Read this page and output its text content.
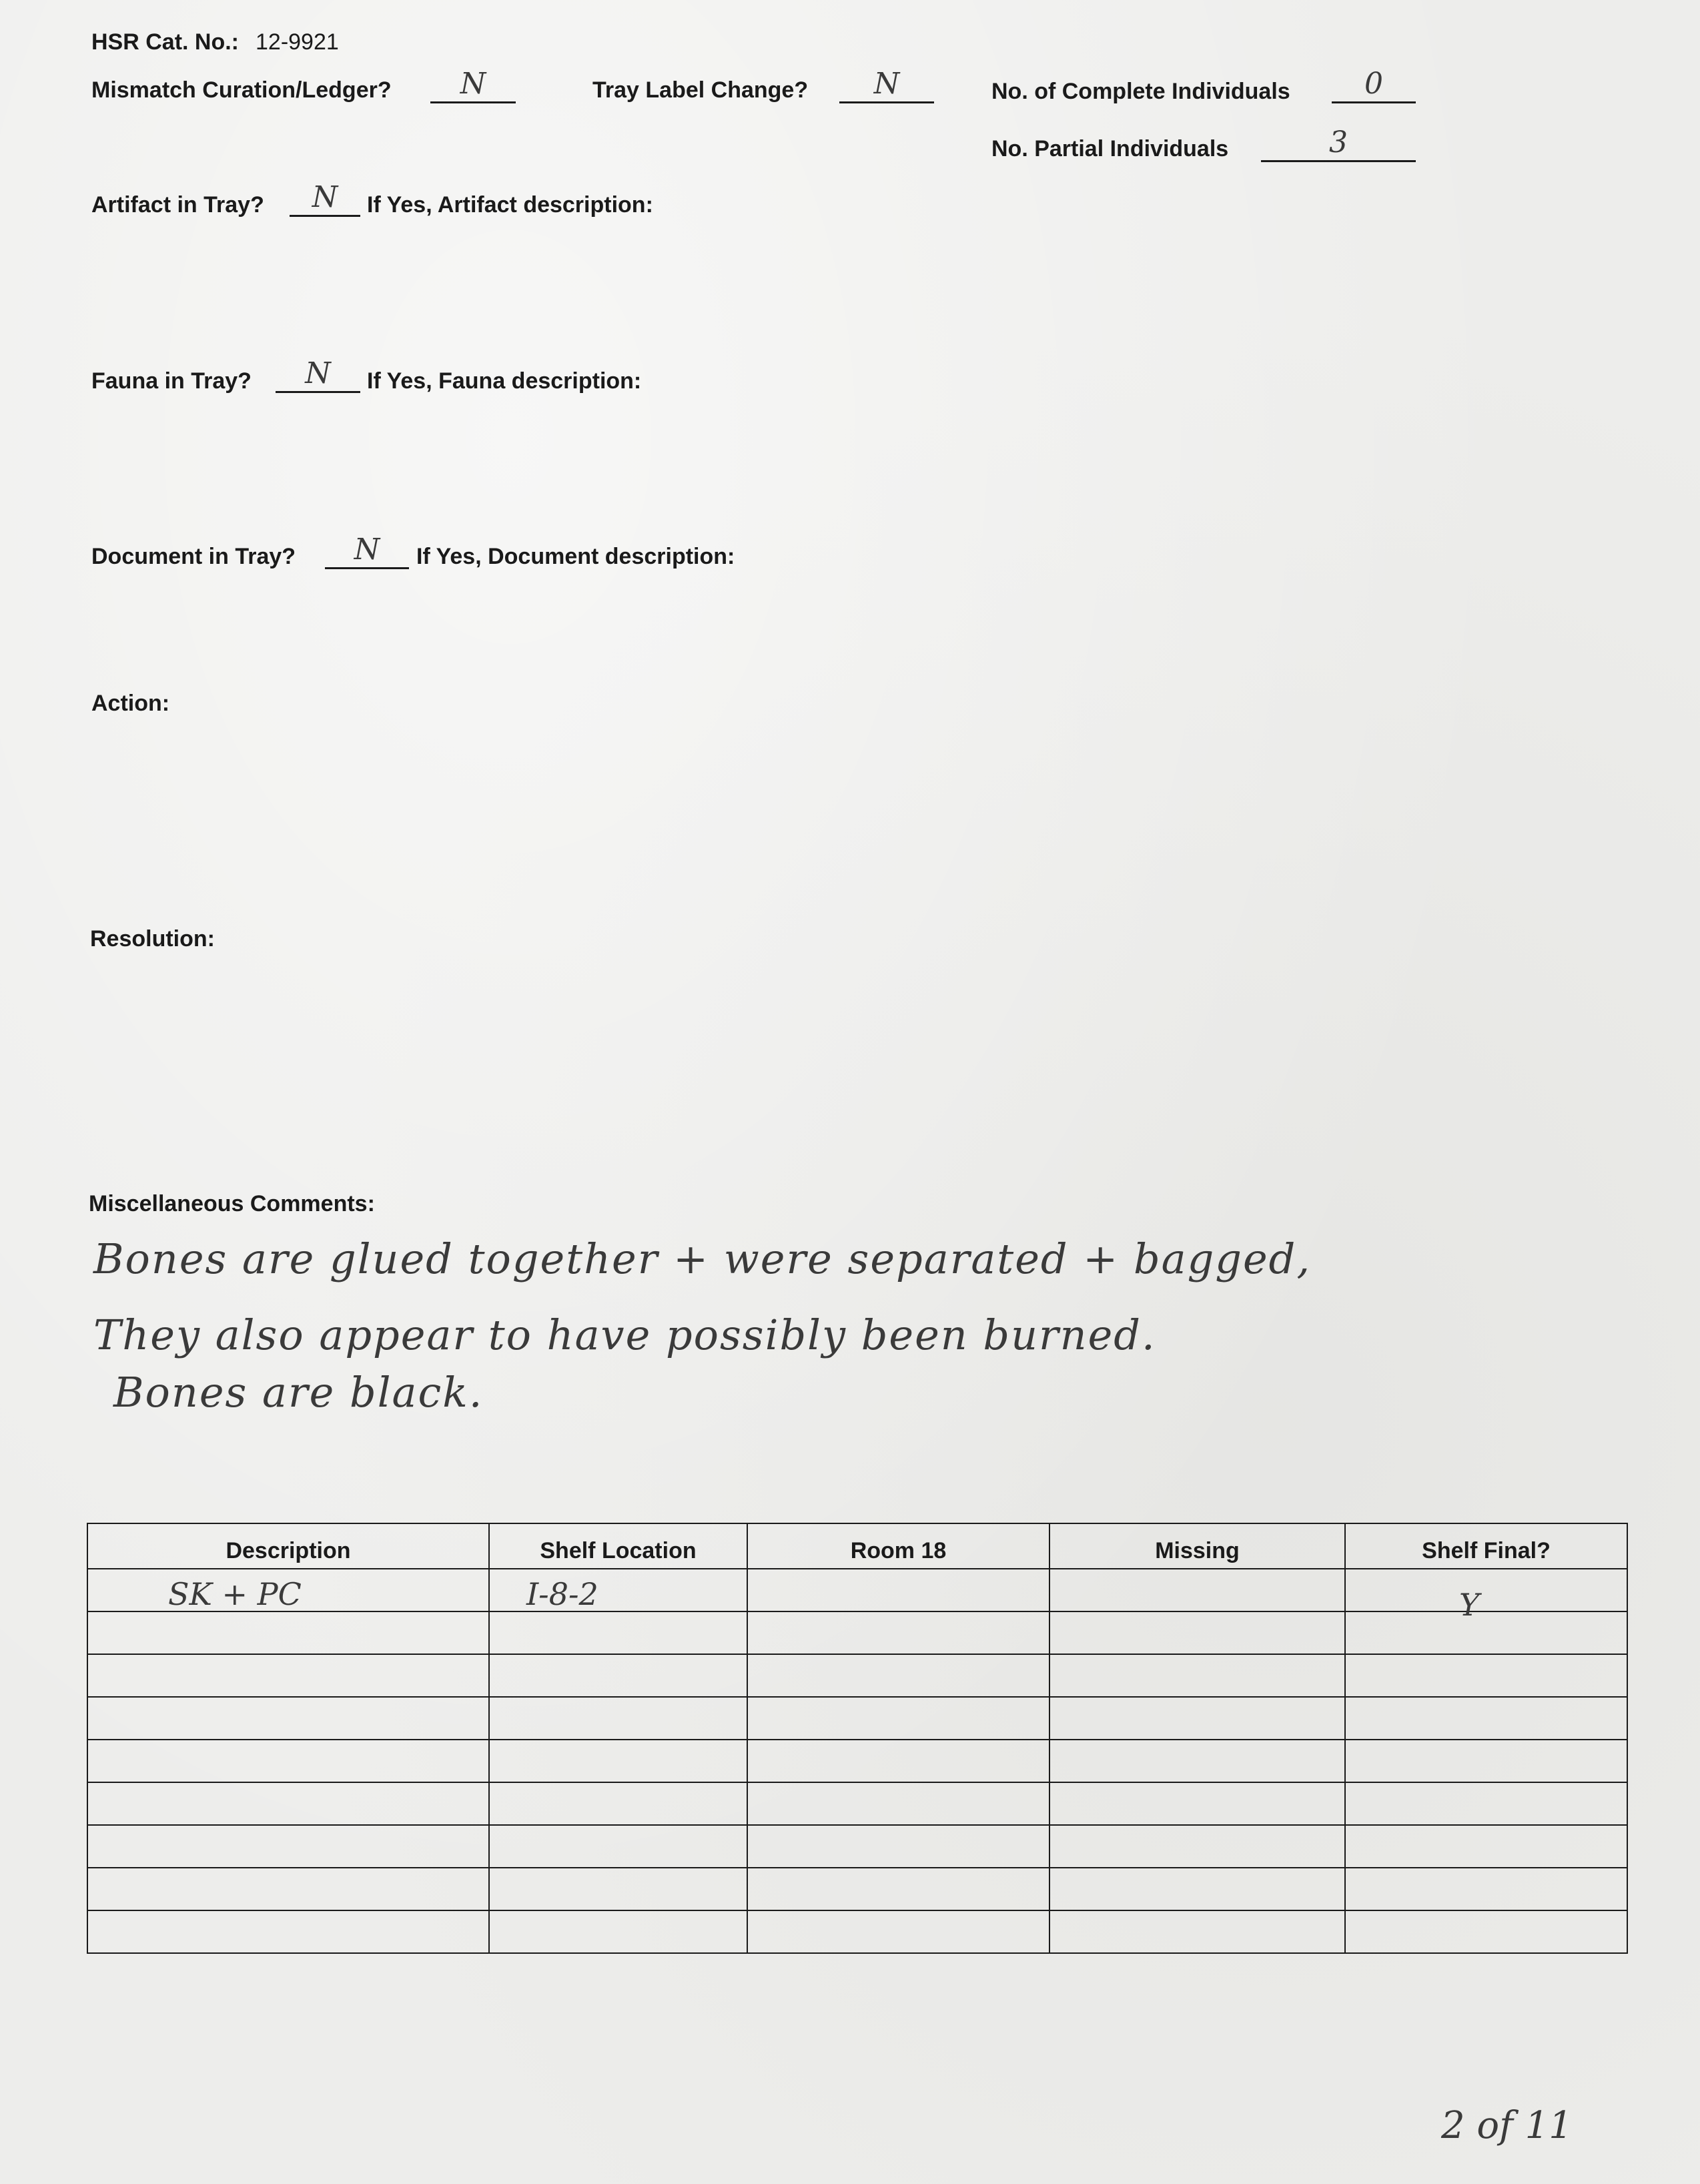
HSR Cat. No.: 12-9921
Mismatch Curation/Ledger?	N	Tray Label Change?	N	No. of Complete Individuals	0
No. Partial Individuals	3
Artifact in Tray?	N	If Yes, Artifact description:
Fauna in Tray?	N	If Yes, Fauna description:
Document in Tray?	N	If Yes, Document description:
Action:
Resolution:
Miscellaneous Comments:
Bones are glued together + were separated + bagged,
They also appear to have possibly been burned.
Bones are black.
Description	Shelf Location	Room 18	Missing	Shelf Final?

SK + PC	I-8-2			Y

2 of 11
